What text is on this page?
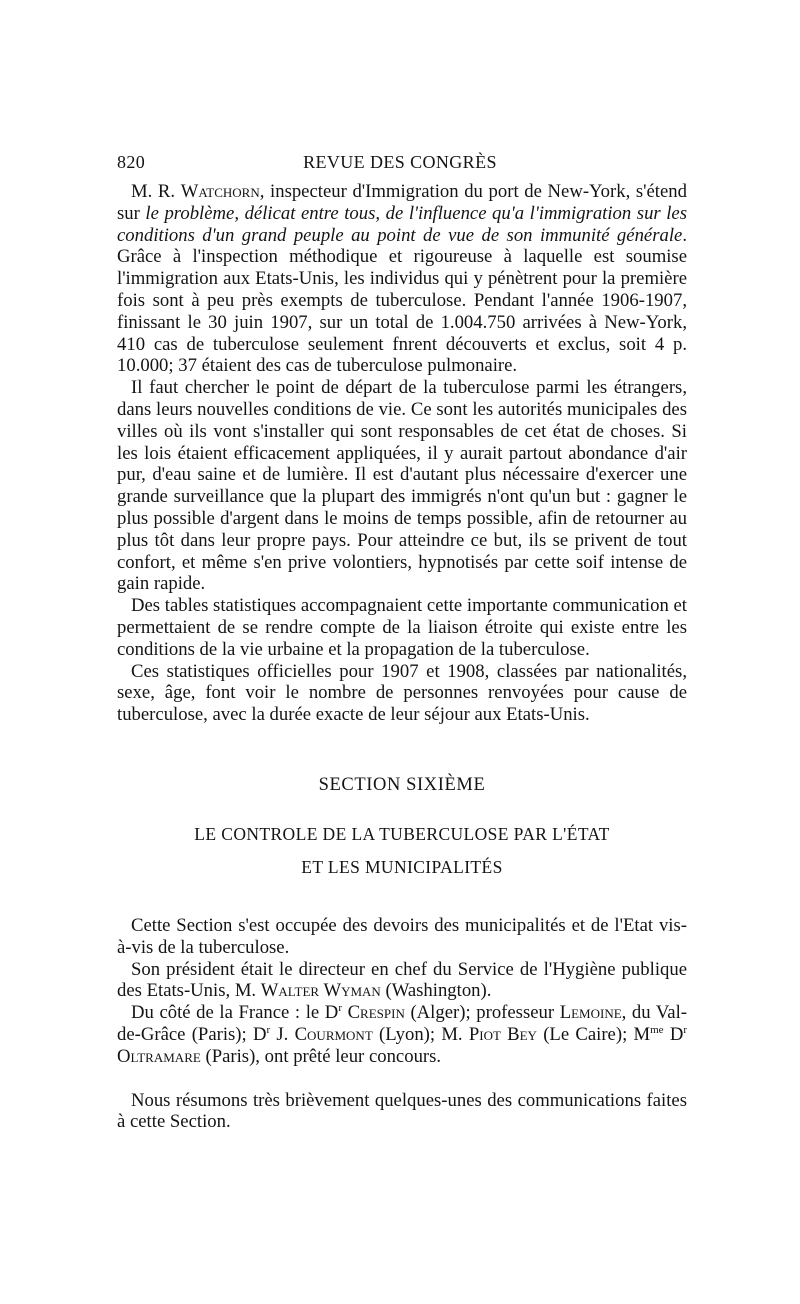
820	REVUE DES CONGRÈS

M. R. Watchorn, inspecteur d'Immigration du port de New-York, s'étend sur le problème, délicat entre tous, de l'influence qu'a l'immigration sur les conditions d'un grand peuple au point de vue de son immunité générale. Grâce à l'inspection méthodique et rigoureuse à laquelle est soumise l'immigration aux Etats-Unis, les individus qui y pénètrent pour la première fois sont à peu près exempts de tuberculose. Pendant l'année 1906-1907, finissant le 30 juin 1907, sur un total de 1.004.750 arrivées à New-York, 410 cas de tuberculose seulement fnrent découverts et exclus, soit 4 p. 10.000; 37 étaient des cas de tuberculose pulmonaire.

Il faut chercher le point de départ de la tuberculose parmi les étrangers, dans leurs nouvelles conditions de vie. Ce sont les autorités municipales des villes où ils vont s'installer qui sont responsables de cet état de choses. Si les lois étaient efficacement appliquées, il y aurait partout abondance d'air pur, d'eau saine et de lumière. Il est d'autant plus nécessaire d'exercer une grande surveillance que la plupart des immigrés n'ont qu'un but : gagner le plus possible d'argent dans le moins de temps possible, afin de retourner au plus tôt dans leur propre pays. Pour atteindre ce but, ils se privent de tout confort, et même s'en prive volontiers, hypnotisés par cette soif intense de gain rapide.

Des tables statistiques accompagnaient cette importante communication et permettaient de se rendre compte de la liaison étroite qui existe entre les conditions de la vie urbaine et la propagation de la tuberculose.

Ces statistiques officielles pour 1907 et 1908, classées par nationalités, sexe, âge, font voir le nombre de personnes renvoyées pour cause de tuberculose, avec la durée exacte de leur séjour aux Etats-Unis.

SECTION SIXIÈME
LE CONTROLE DE LA TUBERCULOSE PAR L'ÉTAT
ET LES MUNICIPALITÉS

Cette Section s'est occupée des devoirs des municipalités et de l'Etat vis-à-vis de la tuberculose.

Son président était le directeur en chef du Service de l'Hygiène publique des Etats-Unis, M. Walter Wyman (Washington).

Du côté de la France : le $D^r$ Crespin (Alger); professeur Lemoine, du Val-de-Grâce (Paris); $D^r$ J. Courmont (Lyon); M. Piot Bey (Le Caire); $M^{me}$ $D^r$ Oltramare (Paris), ont prêté leur concours.

Nous résumons très brièvement quelques-unes des communications faites à cette Section.
